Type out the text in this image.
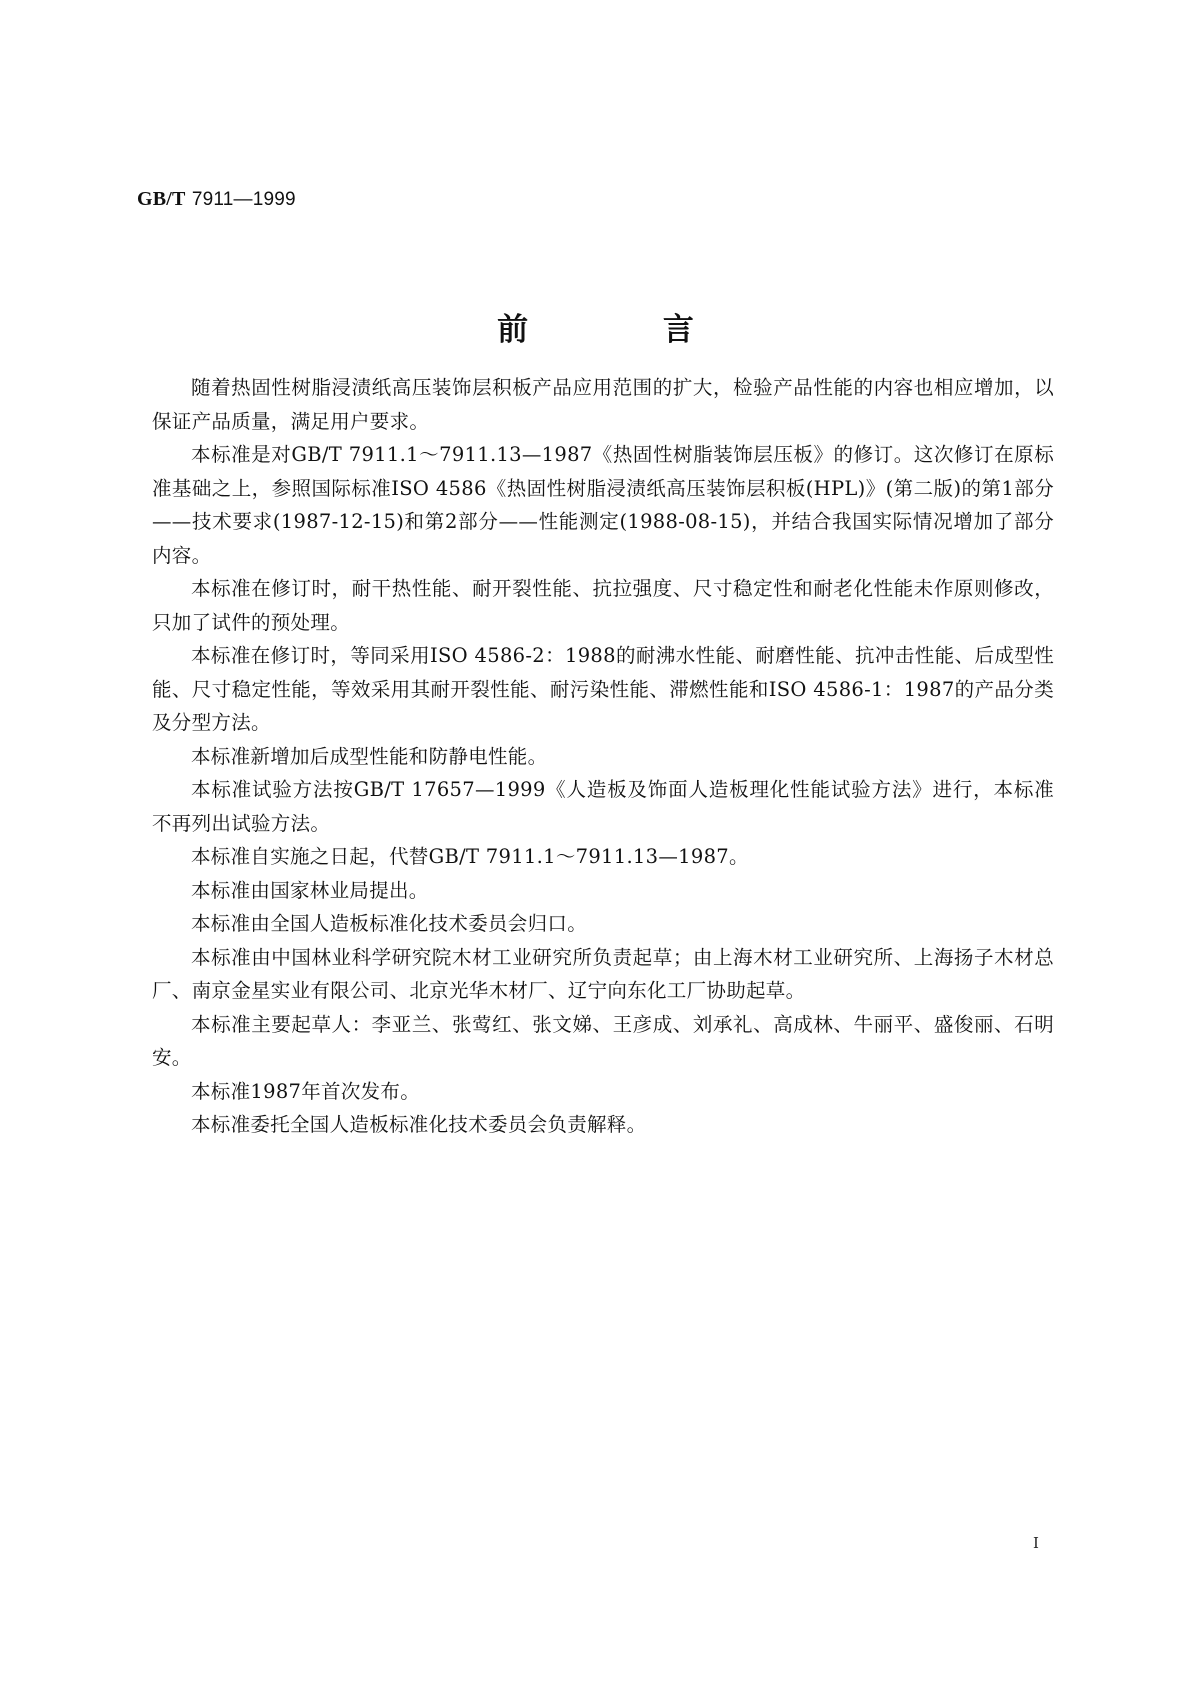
GB/T 7911—1999
前 言

随着热固性树脂浸渍纸高压装饰层积板产品应用范围的扩大，检验产品性能的内容也相应增加，以保证产品质量，满足用户要求。

本标准是对GB/T 7911.1～7911.13—1987《热固性树脂装饰层压板》的修订。这次修订在原标准基础之上，参照国际标准ISO 4586《热固性树脂浸渍纸高压装饰层积板(HPL)》(第二版)的第1部分——技术要求(1987-12-15)和第2部分——性能测定(1988-08-15)，并结合我国实际情况增加了部分内容。

本标准在修订时，耐干热性能、耐开裂性能、抗拉强度、尺寸稳定性和耐老化性能未作原则修改，只加了试件的预处理。

本标准在修订时，等同采用ISO 4586-2：1988的耐沸水性能、耐磨性能、抗冲击性能、后成型性能、尺寸稳定性能，等效采用其耐开裂性能、耐污染性能、滞燃性能和ISO 4586-1：1987的产品分类及分型方法。

本标准新增加后成型性能和防静电性能。

本标准试验方法按GB/T 17657—1999《人造板及饰面人造板理化性能试验方法》进行，本标准不再列出试验方法。

本标准自实施之日起，代替GB/T 7911.1～7911.13—1987。

本标准由国家林业局提出。

本标准由全国人造板标准化技术委员会归口。

本标准由中国林业科学研究院木材工业研究所负责起草；由上海木材工业研究所、上海扬子木材总厂、南京金星实业有限公司、北京光华木材厂、辽宁向东化工厂协助起草。

本标准主要起草人：李亚兰、张莺红、张文娣、王彦成、刘承礼、高成林、牛丽平、盛俊丽、石明安。

本标准1987年首次发布。

本标准委托全国人造板标准化技术委员会负责解释。

I
